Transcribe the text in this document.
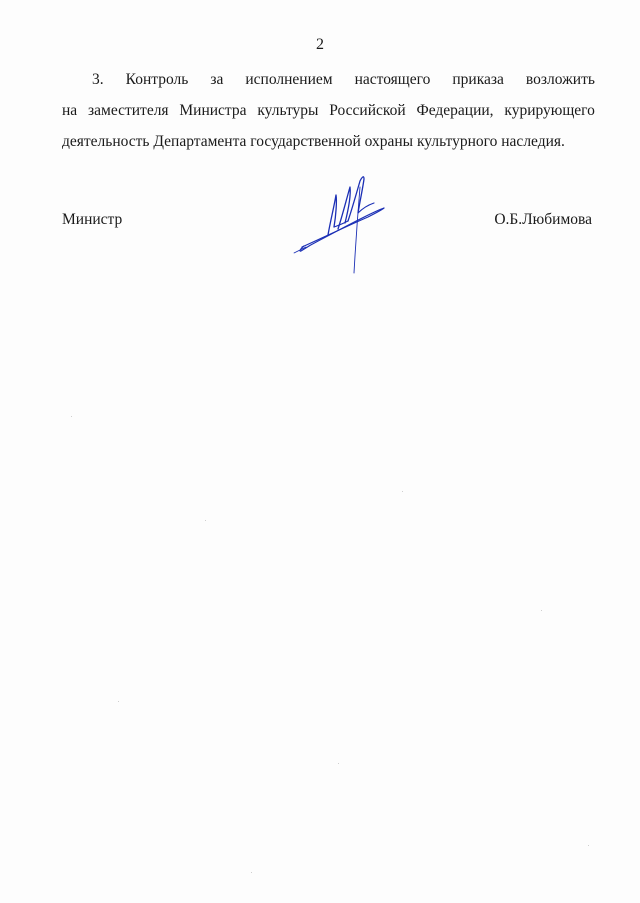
2
3. Контроль за исполнением настоящего приказа возложить
на заместителя Министра культуры Российской Федерации, курирующего
деятельность Департамента государственной охраны культурного наследия.
Министр	О.Б.Любимова
